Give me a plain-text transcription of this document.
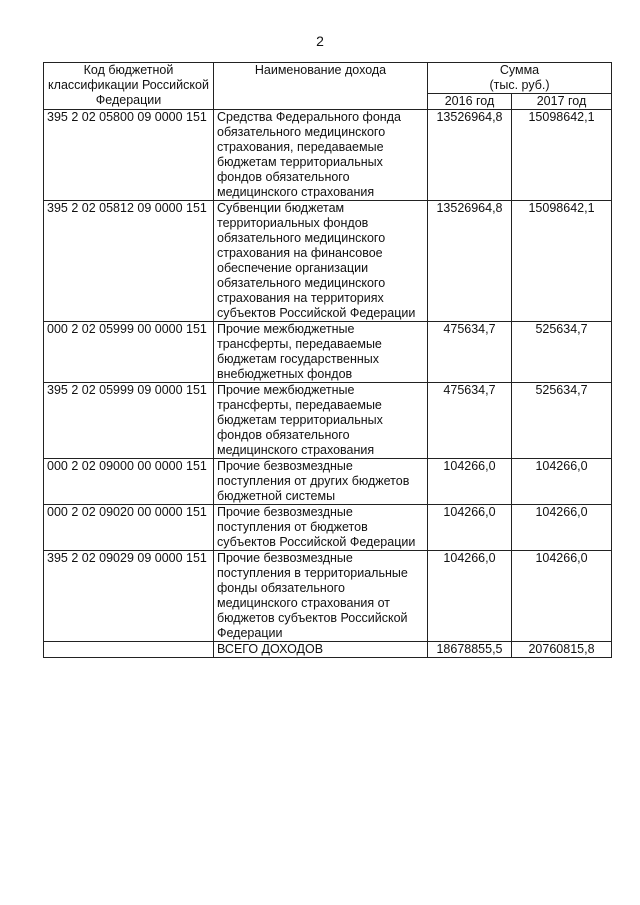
2
Код бюджетной классификации Российской Федерации	Наименование дохода	Сумма
(тыс. руб.)	

		2016 год	2017 год
395 2 02 05800 09 0000 151	Средства Федерального фонда обязательного медицинского страхования, передаваемые бюджетам территориальных фондов обязательного медицинского страхования	13526964,8	15098642,1
395 2 02 05812 09 0000 151	Субвенции бюджетам территориальных фондов обязательного медицинского страхования на финансовое обеспечение организации обязательного медицинского страхования на территориях субъектов Российской Федерации	13526964,8	15098642,1
000 2 02 05999 00 0000 151	Прочие межбюджетные трансферты, передаваемые бюджетам государственных внебюджетных фондов	475634,7	525634,7
395 2 02 05999 09 0000 151	Прочие межбюджетные трансферты, передаваемые бюджетам территориальных фондов обязательного медицинского страхования	475634,7	525634,7
000 2 02 09000 00 0000 151	Прочие безвозмездные поступления от других бюджетов бюджетной системы	104266,0	104266,0
000 2 02 09020 00 0000 151	Прочие безвозмездные поступления от бюджетов субъектов Российской Федерации	104266,0	104266,0
395 2 02 09029 09 0000 151	Прочие безвозмездные поступления в территориальные фонды обязательного медицинского страхования от бюджетов субъектов Российской Федерации	104266,0	104266,0
	ВСЕГО ДОХОДОВ	18678855,5	20760815,8
